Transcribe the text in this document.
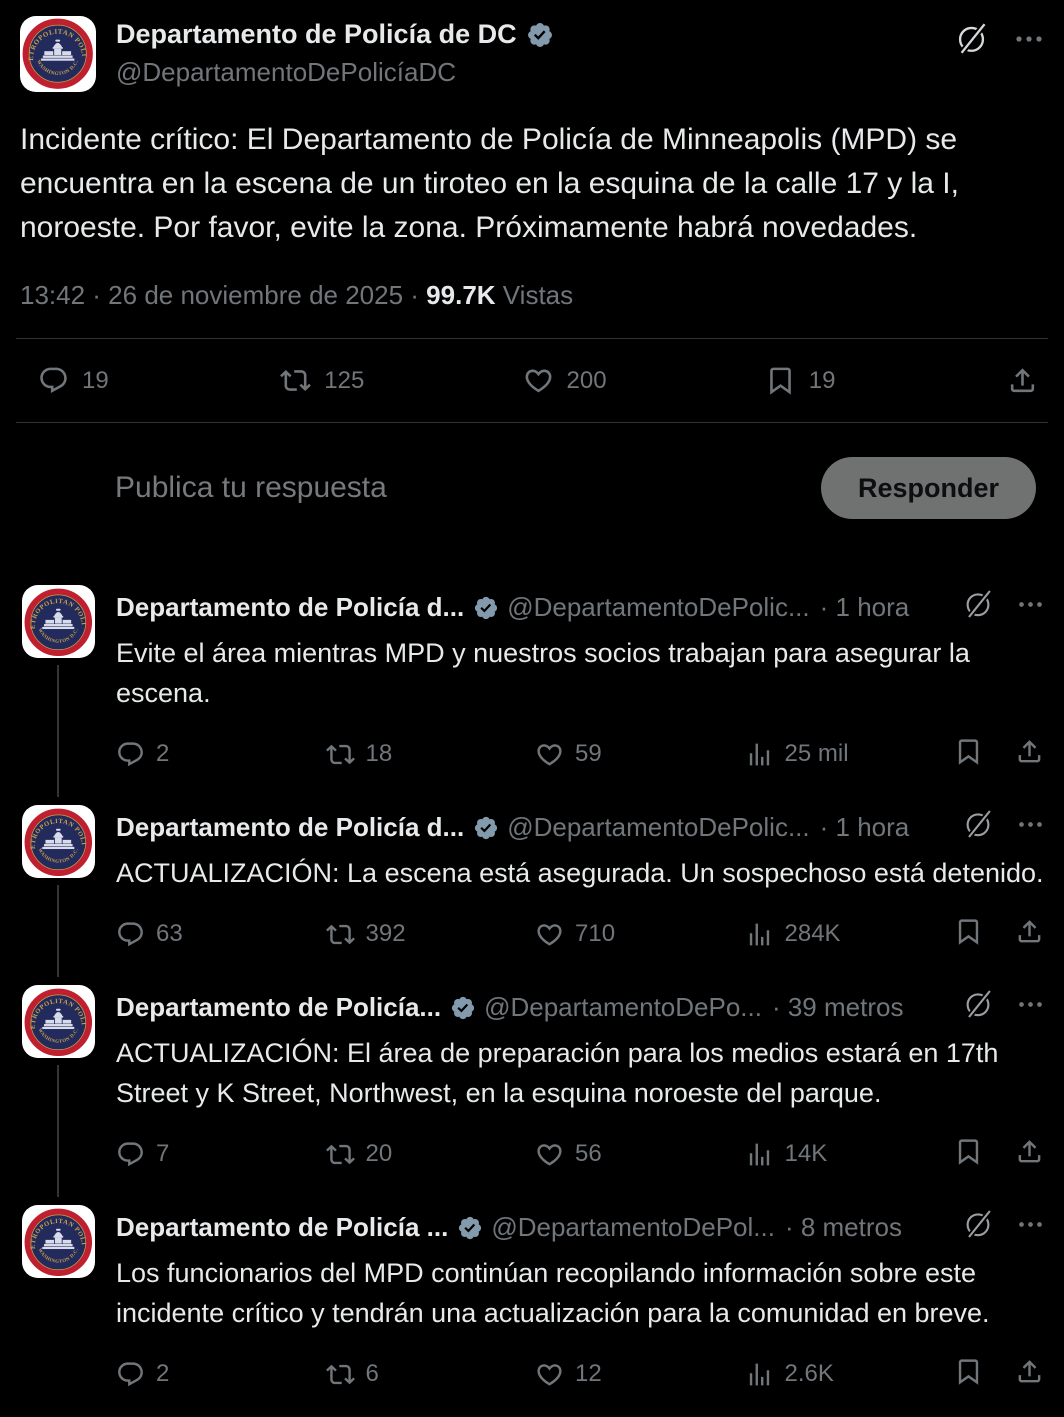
Departamento de Policía de DC
@DepartamentoDePolicíaDC
Incidente crítico: El Departamento de Policía de Minneapolis (MPD) se encuentra en la escena de un tiroteo en la esquina de la calle 17 y la I, noroeste. Por favor, evite la zona. Próximamente habrá novedades.
13:42 · 26 de noviembre de 2025 · 99.7K Vistas
19	125	200	19
Publica tu respuesta	Responder
Departamento de Policía d... @DepartamentoDePolic... · 1 hora
Evite el área mientras MPD y nuestros socios trabajan para asegurar la escena.
2	18	59	25 mil
Departamento de Policía d... @DepartamentoDePolic... · 1 hora
ACTUALIZACIÓN: La escena está asegurada. Un sospechoso está detenido.
63	392	710	284K
Departamento de Policía... @DepartamentoDePo... · 39 metros
ACTUALIZACIÓN: El área de preparación para los medios estará en 17th Street y K Street, Northwest, en la esquina noroeste del parque.
7	20	56	14K
Departamento de Policía ... @DepartamentoDePol... · 8 metros
Los funcionarios del MPD continúan recopilando información sobre este incidente crítico y tendrán una actualización para la comunidad en breve.
2	6	12	2.6K
